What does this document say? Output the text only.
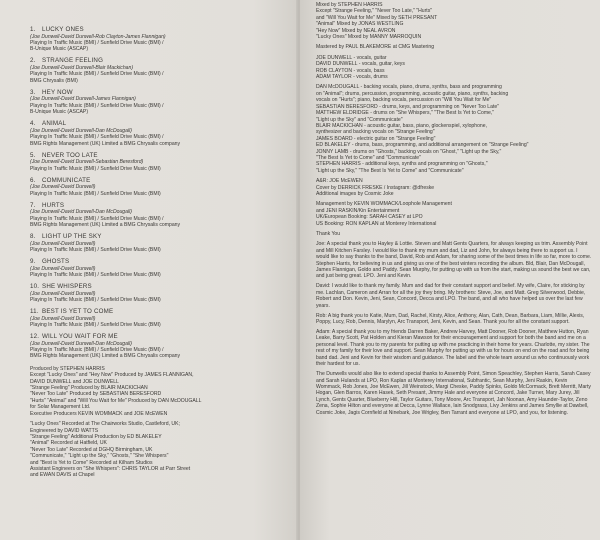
1. LUCKY ONES
(Joe Dunwell-David Dunwell-Rob Clayton-James Flannigan)
Playing In Traffic Music (BMI) / Sunfield Drive Music (BMI) /
B-Unique Music (ASCAP)
2. STRANGE FEELING
(Joe Dunwell-David Dunwell-Blair Mackichan)
Playing In Traffic Music (BMI) / Sunfield Drive Music (BMI) /
BMG Chrysalis (BMI)
3. HEY NOW
(Joe Dunwell-David Dunwell-James Flannigan)
Playing In Traffic Music (BMI) / Sunfield Drive Music (BMI) /
B-Unique Music (ASCAP)
4. ANIMAL
(Joe Dunwell-David Dunwell-Dan McDougall)
Playing In Traffic Music (BMI) / Sunfield Drive Music (BMI) /
BMG Rights Management (UK) Limited a BMG Chrysalis company
5. NEVER TOO LATE
(Joe Dunwell-David Dunwell-Sebastian Beresford)
Playing In Traffic Music (BMI) / Sunfield Drive Music (BMI)
6. COMMUNICATE
(Joe Dunwell-David Dunwell)
Playing In Traffic Music (BMI) / Sunfield Drive Music (BMI)
7. HURTS
(Joe Dunwell-David Dunwell-Dan McDougall)
Playing In Traffic Music (BMI) / Sunfield Drive Music (BMI) /
BMG Rights Management (UK) Limited a BMG Chrysalis company
8. LIGHT UP THE SKY
(Joe Dunwell-David Dunwell)
Playing In Traffic Music (BMI) / Sunfield Drive Music (BMI)
9. GHOSTS
(Joe Dunwell-David Dunwell)
Playing In Traffic Music (BMI) / Sunfield Drive Music (BMI)
10. SHE WHISPERS
(Joe Dunwell-David Dunwell)
Playing In Traffic Music (BMI) / Sunfield Drive Music (BMI)
11. BEST IS YET TO COME
(Joe Dunwell-David Dunwell)
Playing In Traffic Music (BMI) / Sunfield Drive Music (BMI)
12. WILL YOU WAIT FOR ME
(Joe Dunwell-David Dunwell-Dan McDougall)
Playing In Traffic Music (BMI) / Sunfield Drive Music (BMI) /
BMG Rights Management (UK) Limited a BMG Chrysalis company
Produced by STEPHEN HARRIS
Except "Lucky Ones" and "Hey Now" Produced by JAMES FLANNIGAN,
DAVID DUNWELL and JOE DUNWELL
"Strange Feeling" Produced by BLAIR MACKICHAN
"Never Too Late" Produced by SEBASTIAN BERESFORD
"Hurts" "Animal" and "Will You Wait for Me" Produced by DAN McDOUGALL
for Solar Management Ltd.
Executive Producers KEVIN WOMMACK and JOE McEWEN
"Lucky Ones" Recorded at The Chairworks Studio, Castleford, UK;
Engineered by DAVID WATTS
"Strange Feeling" Additional Production by ED BLAKELEY
"Animal" Recorded at Hatfield, UK
"Never Too Late" Recorded at DGHQ Birmingham, UK
"Communicate," "Light up the Sky," "Ghosts," "She Whispers"
and "Best is Yet to Come" Recorded at Kilham Studios
Assistant Engineers on "She Whispers": CHRIS TAYLOR at Parr Street
and EWAN DAVIS at Chapel
Mixed by STEPHEN HARRIS
Except "Strange Feeling," "Never Too Late," "Hurts"
and "Will You Wait for Me" Mixed by SETH PRESANT
"Animal" Mixed by JONAS WESTLING
"Hey Now" Mixed by NEAL AVRON
"Lucky Ones" Mixed by MANNY MARROQUIN
Mastered by PAUL BLAKEMORE at CMG Mastering
JOE DUNWELL - vocals, guitar
DAVID DUNWELL - vocals, guitar, keys
ROB CLAYTON - vocals, bass
ADAM TAYLOR - vocals, drums
DAN McDOUGALL - backing vocals, piano, drums, synths, bass and programming
on "Animal"; drums, percussion, programming, acoustic guitar, piano, synths, backing
vocals on "Hurts"; piano, backing vocals, percussion on "Will You Wait for Me"
SEBASTIAN BERESFORD - drums, keys, and programming on "Never Too Late"
MATTHEW ELDRIDGE - drums on "She Whispers," "The Best Is Yet to Come,"
"Light up the Sky" and "Communicate"
BLAIR MACKICHAN - acoustic guitar, bass, piano, glockenspiel, xylophone,
synthesizer and backing vocals on "Strange Feeling"
JAMES BOARD - electric guitar on "Strange Feeling"
ED BLAKELEY - drums, bass, programming, and additional arrangement on "Strange Feeling"
JONNY LAMB - drums on "Ghosts," backing vocals on "Ghost," "Light up the Sky,"
"The Best Is Yet to Come" and "Communicate"
STEPHEN HARRIS - additional keys, synths and programming on "Ghosts,"
"Light up the Sky," "The Best Is Yet to Come" and "Communicate"
A&R: JOE McEWEN
Cover by DERRICK FRESKE / Instagram: @dfreske
Additional images by Cosmic Joke
Management by KEVIN WOMMACK/Loophole Management
and JENI RASKIN/Kin Entertainment
UK/European Booking: SARAH CASEY at LPO
US Booking: RON KAPLAN at Monterey International
Thank You

Joe: A special thank you to Hayley & Lottie. Steven and Matt Gents Quarters, for always keeping us trim. Assembly Point and Mill Kitchen Farsley. I would like to thank my mum and dad, Liz and John, for always being there to support us. I would like to say thanks to the band, David, Rob and Adam, for sharing some of the best times in life so far, more to come. Stephen Harris, for believing in us and giving us one of the best winters recording the album. Bld, Blair, Dan McDougall, James Flannigan, Goldo and Paddy. Sean Murphy, for putting up with us from the start, making us sound the best we can, and just being great. LPO. Jeni and Kevin.

David: I would like to thank my family. Mum and dad for their constant support and belief. My wife, Claire, for sticking by me. Lachlan, Cameron and Arran for all the joy they bring. My brothers: Steve, Joe, and Matt. Greg Silverwood, Debbie, Robert and Don. Kevin, Jeni, Sean, Concord, Decca and LPO. The band, and all who have helped us over the last few years.

Rob: A big thank you to Katie, Mum, Dad, Rachel, Kirsty, Alice, Anthony, Alan, Cath, Dean, Barbara, Liam, Millie, Alexis, Poppy, Lucy, Rob, Dennis, Marylyn, Arc Transport, Jeni, Kevin, and Sean. Thank you for all the constant support.

Adam: A special thank you to my friends Darren Baker, Andrew Harvey, Matt Dooner, Rob Dooner, Matthew Hutton, Ryan Leake, Barry Scott, Pat Holden and Kieran Mawson for their encouragement and support for both the band and me on a personal level. Thank you to my parents for putting up with me practicing in their home for years. Charlotte, my sister. The rest of my family for their love and support. Sean Murphy for putting up with us for hours on end on the road and for being band dad. Jeni and Kevin for their wisdom and guidance. The label and the whole team around us who continuously work their hardest for us.

The Dunwells would also like to extend special thanks to Assembly Point, Simon Speachley, Stephen Harris, Sarah Casey and Sarah Hulands at LPO, Ron Kaplan at Monterey International, Subfrantic, Sean Murphy, Jeni Raskin, Kevin Wommack, Rob Jones, Joe McEwen, Jill Weinstock, Margi Cheske, Paddy Spinks, Goldo McCormack, Brett Merritt, Marty Hogan, Glen Barros, Karen Hasek, Seth Presant, Jimmy Hale and everyone at Concord, Jake Turner, Mary Jurey, Jill Lynch, Gents Quarter, Blueberry Hill, Taylor Guitars, Tony Moore, Arc Transport, Jah Noonan, Amy Haunder-Taylor, Zeno Zena, Sophie Hilton and everyone at Decca, Lynne Wallace, Iain Snodgrass, Livy Jenkins and James Smyllie at Dawbell, Cosmic Joke, Jagis Cornfield at Ninebark, Joe Wrigley, Ben Tarrant and everyone at LPO, and you, for listening.
